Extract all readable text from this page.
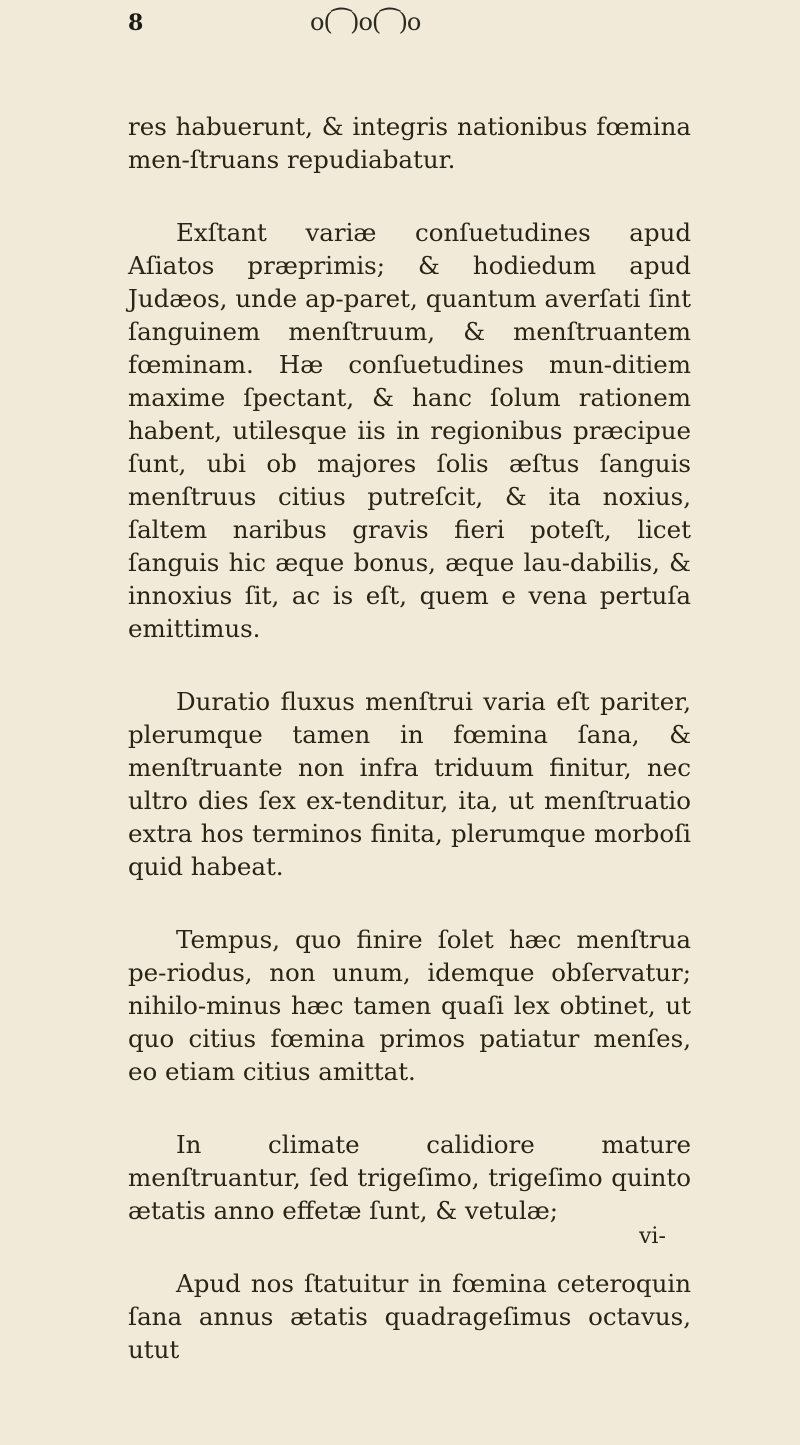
8	o(⁀)o(⁀)o

res habuerunt, & integris nationibus fœmina men-ſtruans repudiabatur.

Exſtant variæ conſuetudines apud Aſiatos præprimis; & hodiedum apud Judæos, unde ap-paret, quantum averſati ſint ſanguinem menſtruum, & menſtruantem fœminam. Hæ conſuetudines mun-ditiem maxime ſpectant, & hanc ſolum rationem habent, utilesque iis in regionibus præcipue ſunt, ubi ob majores ſolis æſtus ſanguis menſtruus citius putreſcit, & ita noxius, ſaltem naribus gravis fieri poteſt, licet ſanguis hic æque bonus, æque lau-dabilis, & innoxius ſit, ac is eſt, quem e vena pertuſa emittimus.

Duratio fluxus menſtrui varia eſt pariter, plerumque tamen in fœmina ſana, & menſtruante non infra triduum finitur, nec ultro dies ſex ex-tenditur, ita, ut menſtruatio extra hos terminos finita, plerumque morboſi quid habeat.

Tempus, quo finire ſolet hæc menſtrua pe-riodus, non unum, idemque obſervatur; nihilo-minus hæc tamen quaſi lex obtinet, ut quo citius fœmina primos patiatur menſes, eo etiam citius amittat.

In climate calidiore mature menſtruantur, ſed trigeſimo, trigeſimo quinto ætatis anno effetæ ſunt, & vetulæ;

Apud nos ſtatuitur in fœmina ceteroquin ſana annus ætatis quadrageſimus octavus, utut

vi-
